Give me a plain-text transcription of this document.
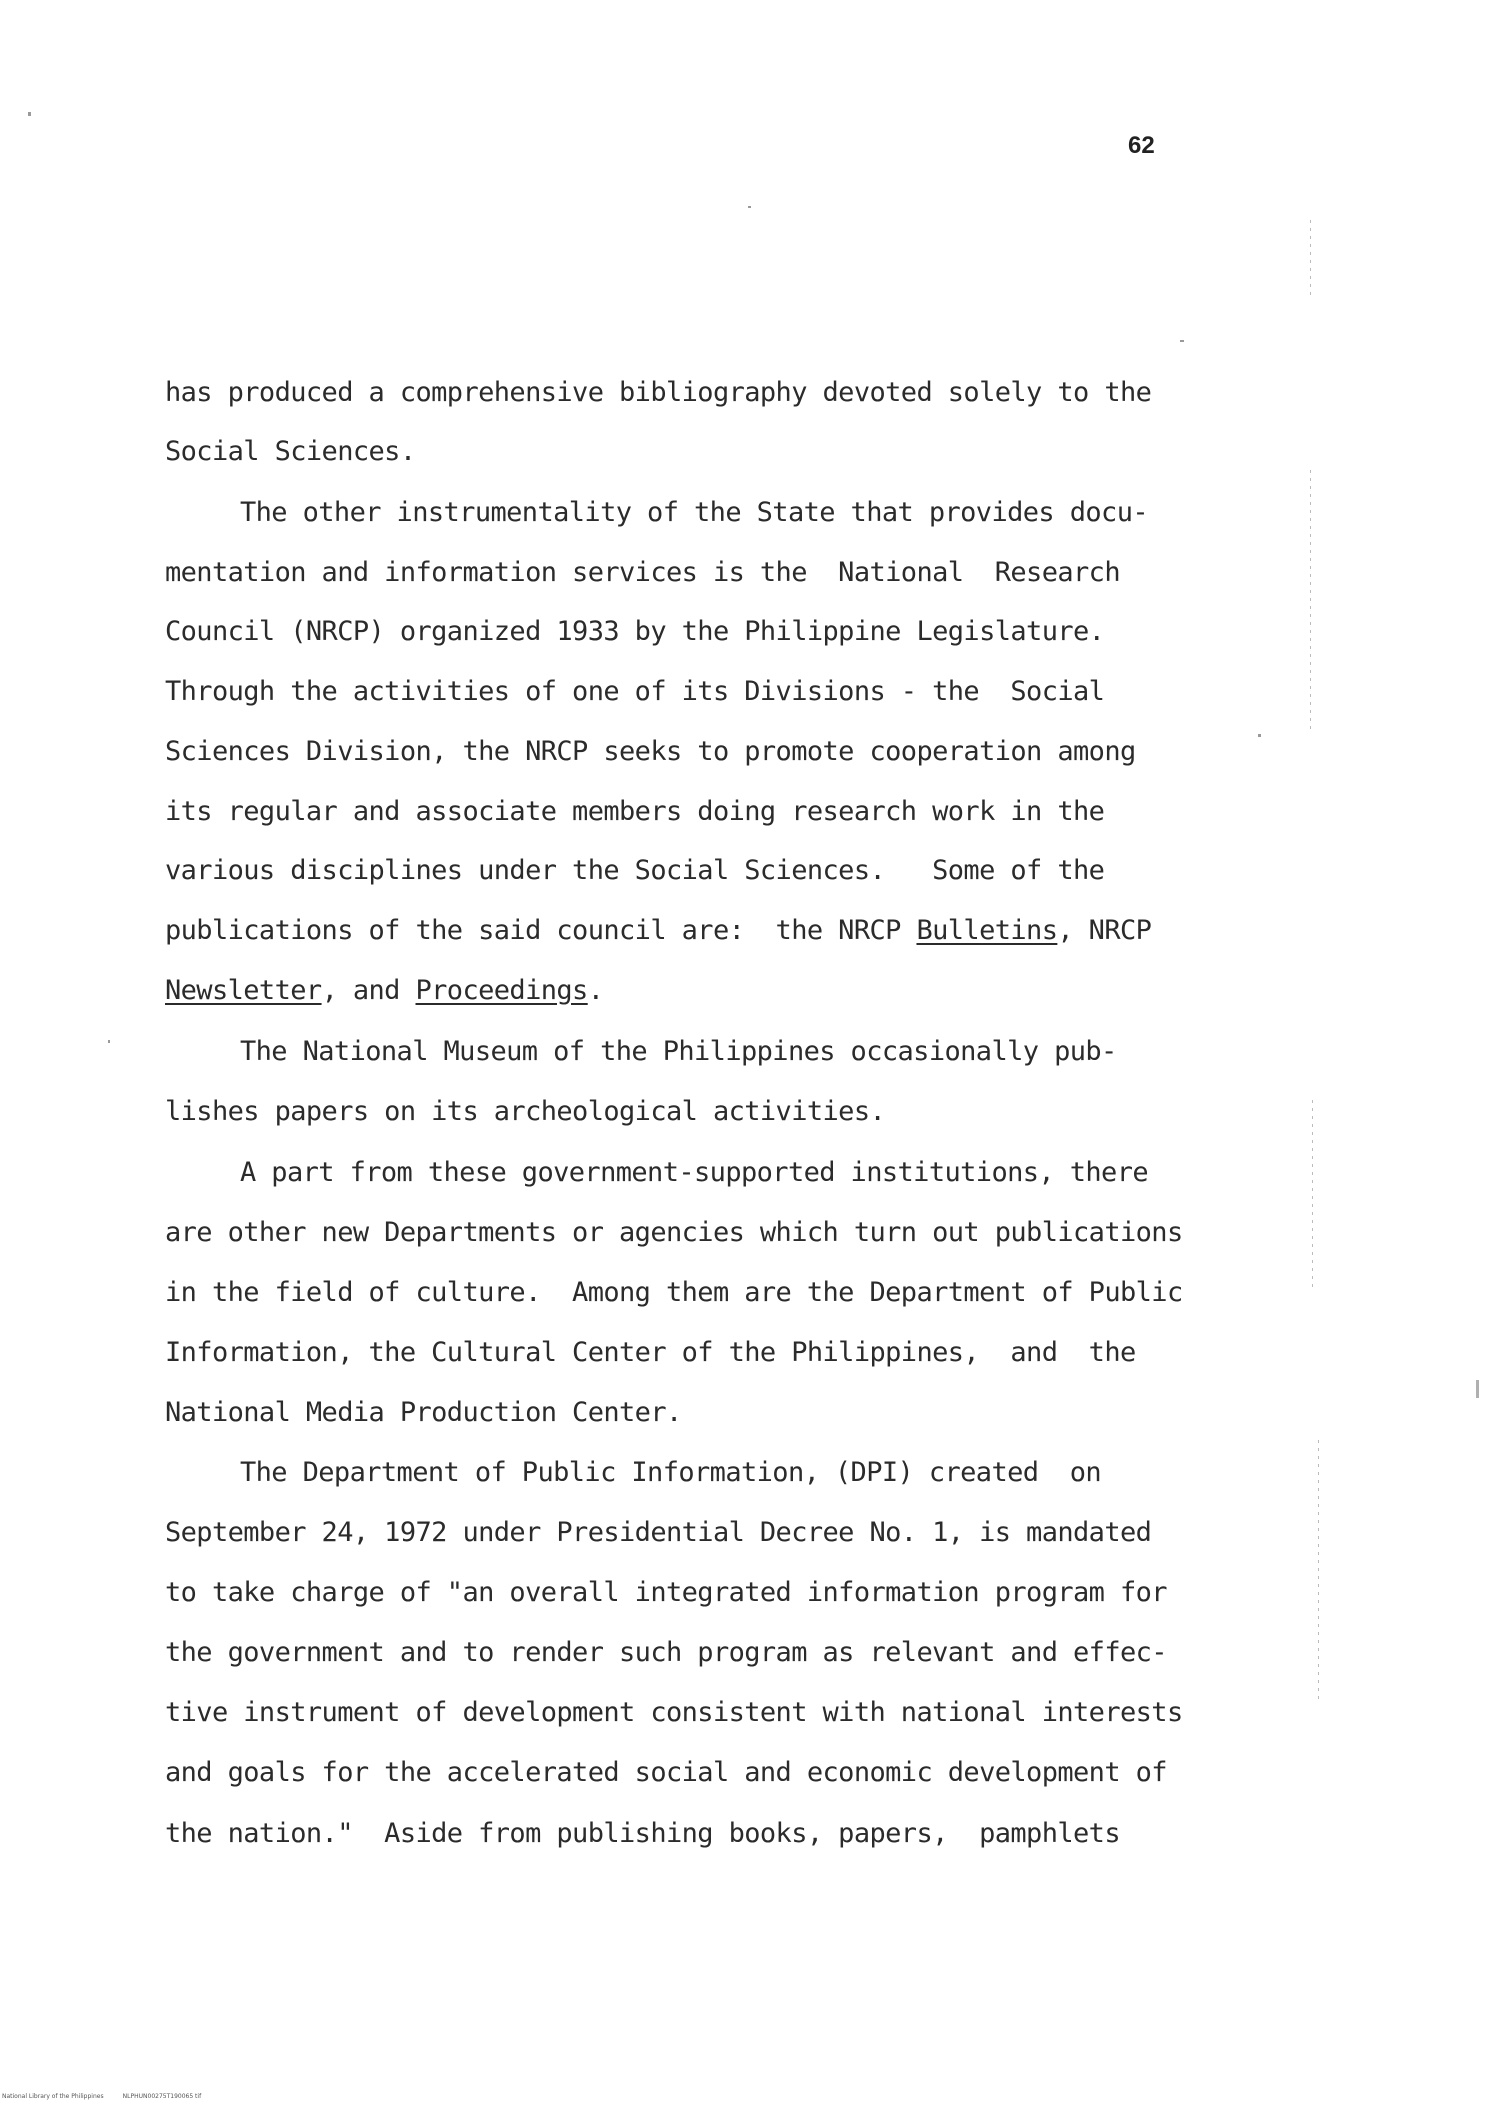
62
has produced a comprehensive bibliography devoted solely to the
Social Sciences.
The other instrumentality of the State that provides docu-
mentation and information services is the  National  Research
Council (NRCP) organized 1933 by the Philippine Legislature.
Through the activities of one of its Divisions - the  Social
Sciences Division, the NRCP seeks to promote cooperation among
its regular and associate members doing research work in the
various disciplines under the Social Sciences.   Some of the
publications of the said council are:  the NRCP Bulletins, NRCP
Newsletter, and Proceedings.
The National Museum of the Philippines occasionally pub-
lishes papers on its archeological activities.
A part from these government-supported institutions, there
are other new Departments or agencies which turn out publications
in the field of culture.  Among them are the Department of Public
Information, the Cultural Center of the Philippines,  and  the
National Media Production Center.
The Department of Public Information, (DPI) created  on
September 24, 1972 under Presidential Decree No. 1, is mandated
to take charge of "an overall integrated information program for
the government and to render such program as relevant and effec-
tive instrument of development consistent with national interests
and goals for the accelerated social and economic development of
the nation."  Aside from publishing books, papers,  pamphlets
National Library of the Philippines	NLPHUN00275T190065 tif
